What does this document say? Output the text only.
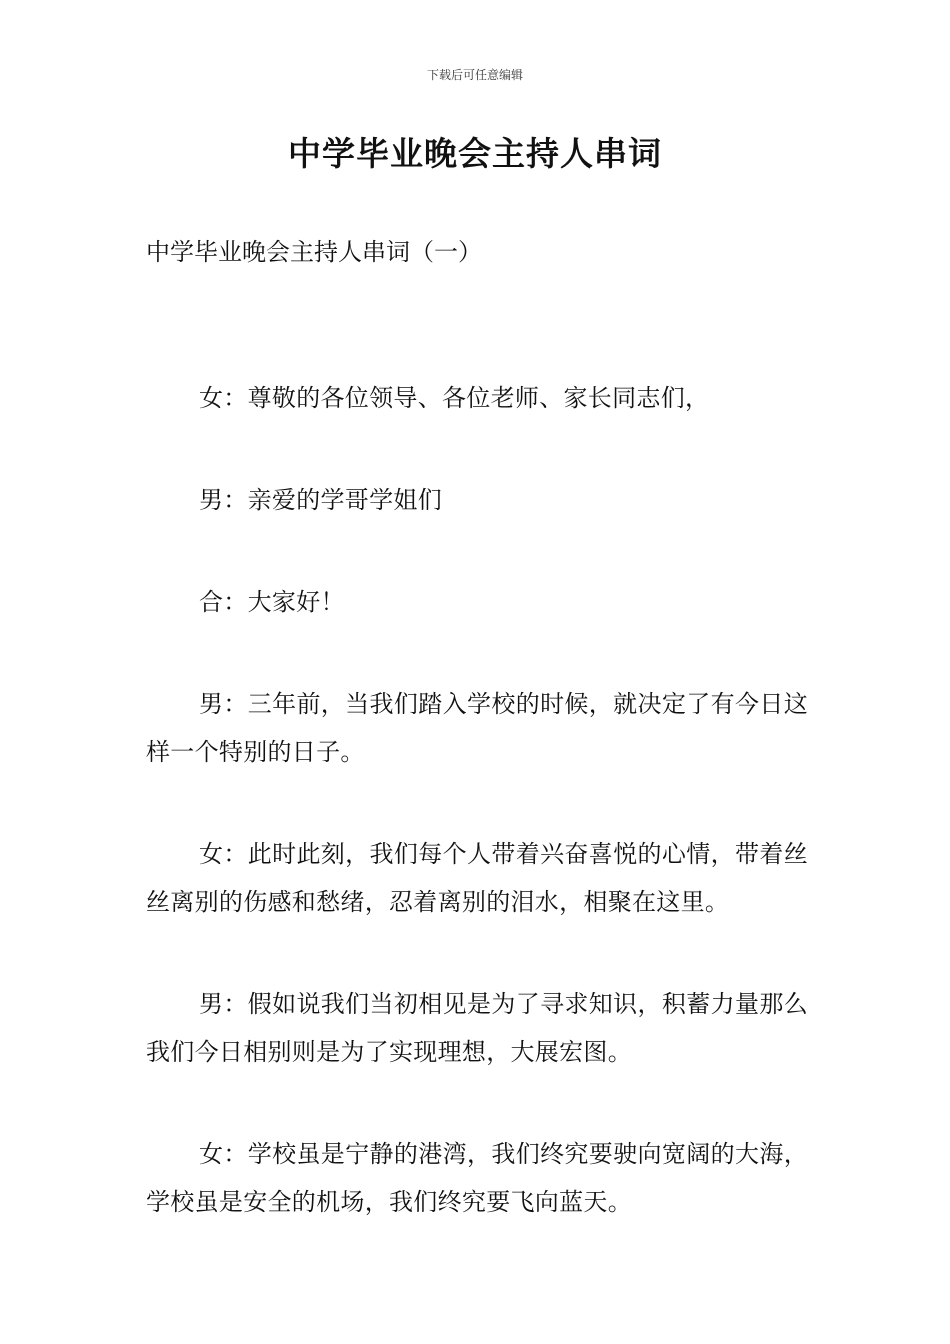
下载后可任意编辑
中学毕业晚会主持人串词
中学毕业晚会主持人串词（一）

女：尊敬的各位领导、各位老师、家长同志们，

男：亲爱的学哥学姐们

合：大家好！

男：三年前，当我们踏入学校的时候，就决定了有今日这样一个特别的日子。

女：此时此刻，我们每个人带着兴奋喜悦的心情，带着丝丝离别的伤感和愁绪，忍着离别的泪水，相聚在这里。

男：假如说我们当初相见是为了寻求知识，积蓄力量那么我们今日相别则是为了实现理想，大展宏图。

女：学校虽是宁静的港湾，我们终究要驶向宽阔的大海，学校虽是安全的机场，我们终究要飞向蓝天。
